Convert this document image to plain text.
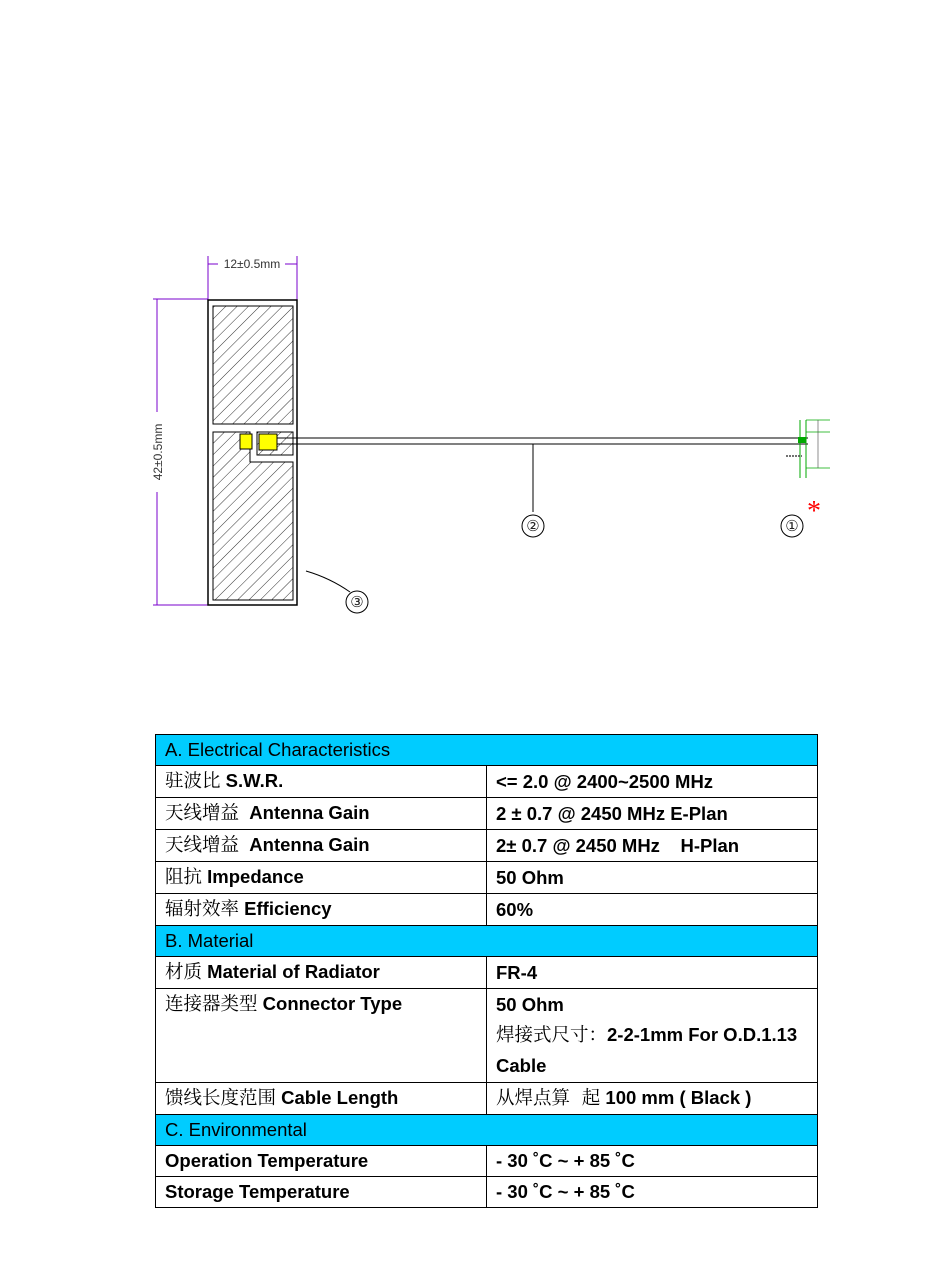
12±0.5mm
42±0.5mm
① *
②
③
A. Electrical Characteristics	
驻波比 S.W.R.	<= 2.0 @ 2400~2500 MHz
天线增益 Antenna Gain	2 ± 0.7 @ 2450 MHz E-Plan
天线增益 Antenna Gain	2± 0.7 @ 2450 MHz    H-Plan
阻抗 Impedance	50 Ohm
辐射效率 Efficiency	60%
B. Material	
材质 Material of Radiator	FR-4
连接器类型 Connector Type	50 Ohm
焊接式尺寸：2-2-1mm For O.D.1.13
Cable

馈线长度范围 Cable Length	从焊点算  起 100 mm ( Black )
C. Environmental	
Operation Temperature	- 30 ˚C ~ + 85 ˚C
Storage Temperature	- 30 ˚C ~ + 85 ˚C
